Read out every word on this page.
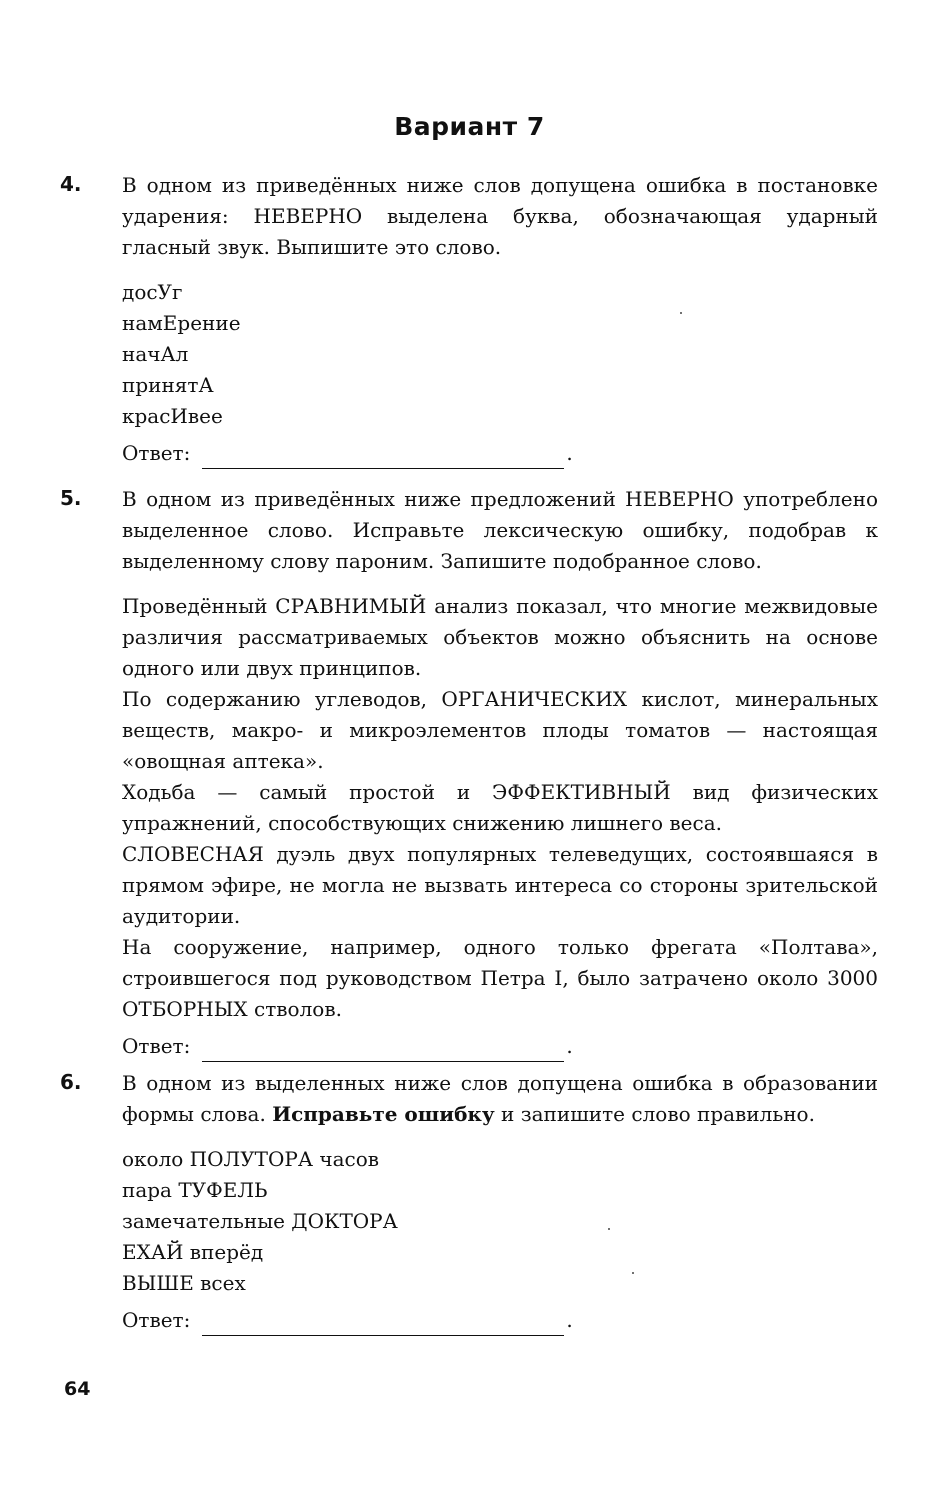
Вариант 7
4. В одном из приведённых ниже слов допущена ошибка в постановке ударения: НЕВЕРНО выделена буква, обозначающая ударный гласный звук. Выпишите это слово.

досУг
намЕрение
начАл
принятА
красИвее
Ответ:	.
5. В одном из приведённых ниже предложений НЕВЕРНО употреблено выделенное слово. Исправьте лексическую ошибку, подобрав к выделенному слову пароним. Запишите подобранное слово.

Проведённый СРАВНИМЫЙ анализ показал, что многие межвидовые различия рассматриваемых объектов можно объяснить на основе одного или двух принципов.

По содержанию углеводов, ОРГАНИЧЕСКИХ кислот, минеральных веществ, макро- и микроэлементов плоды томатов — настоящая «овощная аптека».

Ходьба — самый простой и ЭФФЕКТИВНЫЙ вид физических упражнений, способствующих снижению лишнего веса.

СЛОВЕСНАЯ дуэль двух популярных телеведущих, состоявшаяся в прямом эфире, не могла не вызвать интереса со стороны зрительской аудитории.

На сооружение, например, одного только фрегата «Полтава», строившегося под руководством Петра I, было затрачено около 3000 ОТБОРНЫХ стволов.

Ответ:	.
6. В одном из выделенных ниже слов допущена ошибка в образовании формы слова. Исправьте ошибку и запишите слово правильно.

около ПОЛУТОРА часов
пара ТУФЕЛЬ
замечательные ДОКТОРА
ЕХАЙ вперёд
ВЫШЕ всех
Ответ:	.
64
